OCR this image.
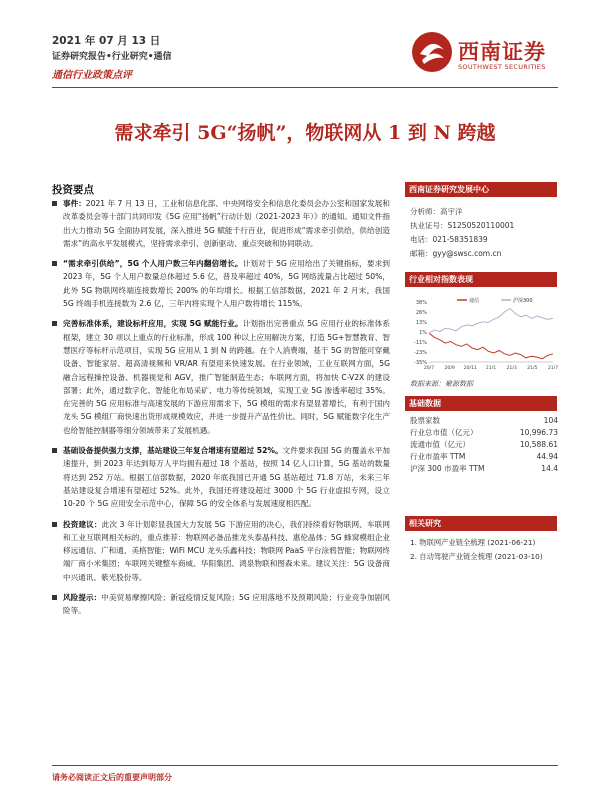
2021 年 07 月 13 日
证券研究报告•行业研究•通信
通信行业政策点评
西南证券
SOUTHWEST SECURITIES
需求牵引 5G“扬帆”，物联网从 1 到 N 跨越
投资要点
事件：2021 年 7 月 13 日，工业和信息化部、中央网络安全和信息化委员会办公室和国家发展和改革委员会等十部门共同印发《5G 应用“扬帆”行动计划（2021-2023 年）》的通知。通知文件指出大力推动 5G 全面协同发展，深入推进 5G 赋能千行百业，促进形成“需求牵引供给，供给创造需求”的高水平发展模式，坚持需求牵引、创新驱动、重点突破和协同联动。
“需求牵引供给”，5G 个人用户数三年内翻倍增长。计划对于 5G 应用给出了关键指标，要求到 2023 年，5G 个人用户数量总体超过 5.6 亿，普及率超过 40%，5G 网络流量占比超过 50%，此外 5G 物联网终端连接数增长 200% 的年均增长。根据工信部数据，2021 年 2 月末，我国 5G 终端手机连接数为 2.6 亿，三年内将实现个人用户数将增长 115%。
完善标准体系，建设标杆应用，实现 5G 赋能行业。计划指出完善重点 5G 应用行业的标准体系框架，建立 30 项以上重点的行业标准，形成 100 种以上应用解决方案，打造 5G+智慧教育、智慧医疗等标杆示范项目，实现 5G 应用从 1 到 N 的跨越。在个人消费端，基于 5G 的智能可穿戴设备、智能家居、超高清视频和 VR/AR 有望迎来快速发展。在行业领域，工业互联网方面，5G 融合远程操控设备、机器视觉和 AGV，推广智能制造生态；车联网方面，将加快 C-V2X 的建设部署；此外，通过数字化、智能化布局采矿、电力等传统领域，实现工业 5G 渗透率超过 35%。在完善的 5G 应用标准与高速发展的下游应用需求下，5G 模组的需求有望显著增长，有利于国内龙头 5G 模组厂商快速出货形成规模效应，并进一步提升产品性价比。同时，5G 赋能数字化生产也给智能控制器等细分领域带来了发展机遇。
基础设备提供强力支撑，基站建设三年复合增速有望超过 52%。文件要求我国 5G 的覆盖水平加速提升，到 2023 年达到每万人平均拥有超过 18 个基站，按照 14 亿人口计算，5G 基站的数量将达到 252 万站。根据工信部数据，2020 年底我国已开通 5G 基站超过 71.8 万站，未来三年基站建设复合增速有望超过 52%。此外，我国还将建设超过 3000 个 5G 行业虚拟专网，设立 10-20 个 5G 应用安全示范中心，保障 5G 的安全体系与发展速度相匹配。
投资建议：此次 3 年计划彰显我国大力发展 5G 下游应用的决心，我们持续看好物联网、车联网和工业互联网相关标的，重点推荐：物联网必备品推龙头泰晶科技、惠伦晶体；5G 蜂窝模组企业移远通信、广和通、美格智能；WiFi MCU 龙头乐鑫科技；物联网 PaaS 平台涂鸦智能；物联网终端厂商小米集团；车联网关键整车商威、华阳集团、鸿泉物联和图森未来。建议关注：5G 设备商中兴通讯、紫光股份等。
风险提示：中美贸易摩擦风险；新冠疫情反复风险；5G 应用落地不及预期风险；行业竞争加剧风险等。
西南证券研究发展中心
分析师：高宇洋
执业证号：S1250520110001
电话：021-58351839
邮箱：gyy@swsc.com.cn
行业相对指数表现
38%
26%
13%
1%
-11%
-23%
-35%
20/7 20/9 20/11 21/1 21/3 21/5 21/7
通信	沪深300
数据来源：聚源数据
基础数据
股票家数	104
行业总市值（亿元）	10,996.73
流通市值（亿元）	10,588.61
行业市盈率 TTM	44.94
沪深 300 市盈率 TTM	14.4
相关研究
1. 物联网产业链全梳理 (2021-06-21)
2. 自动驾驶产业链全梳理 (2021-03-10)
请务必阅读正文后的重要声明部分
